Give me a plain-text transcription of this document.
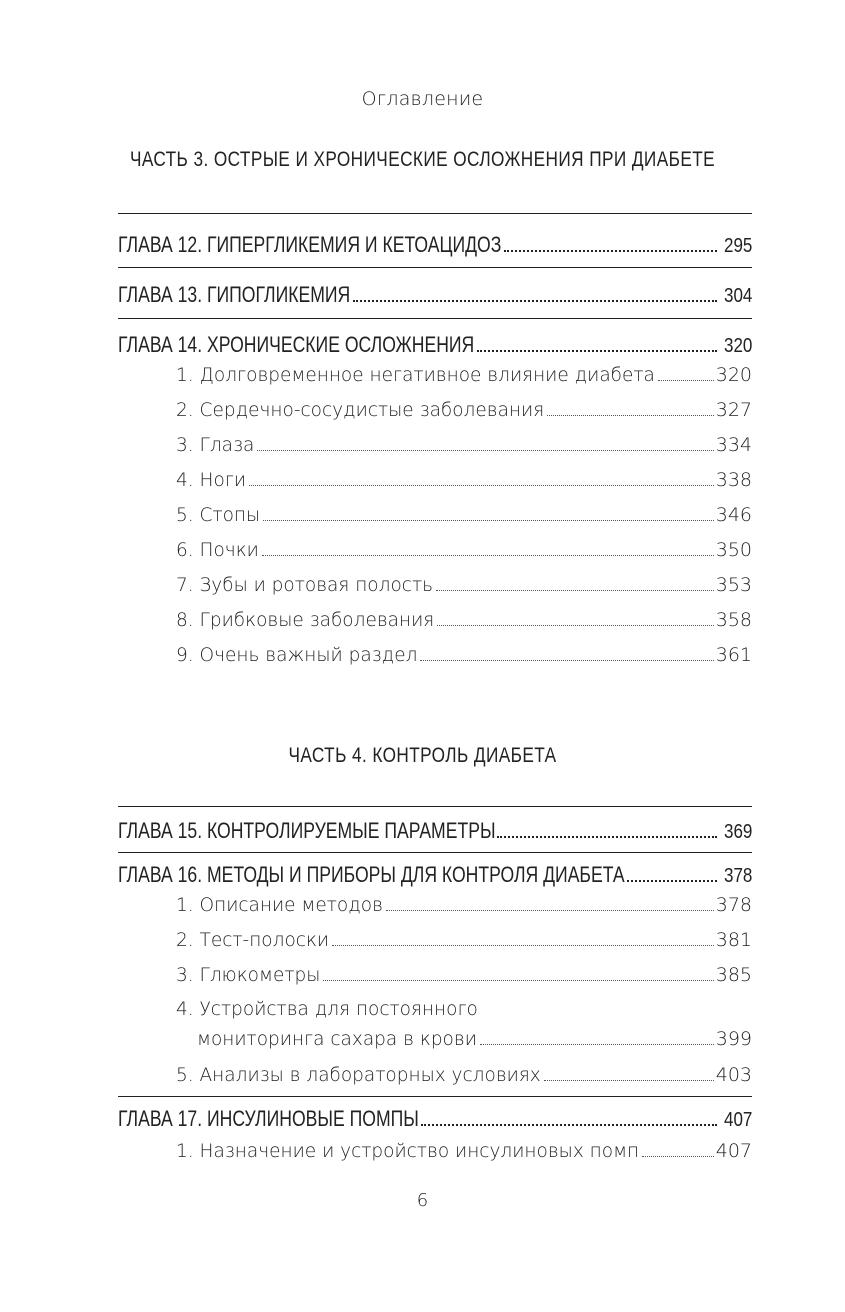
Оглавление
ЧАСТЬ 3. ОСТРЫЕ И ХРОНИЧЕСКИЕ ОСЛОЖНЕНИЯ ПРИ ДИАБЕТЕ
ГЛАВА 12. ГИПЕРГЛИКЕМИЯ И КЕТОАЦИДОЗ	295
ГЛАВА 13. ГИПОГЛИКЕМИЯ	304
ГЛАВА 14. ХРОНИЧЕСКИЕ ОСЛОЖНЕНИЯ	320
1. Долговременное негативное влияние диабета	320
2. Сердечно-сосудистые заболевания	327
3. Глаза	334
4. Ноги	338
5. Стопы	346
6. Почки	350
7. Зубы и ротовая полость	353
8. Грибковые заболевания	358
9. Очень важный раздел	361
ЧАСТЬ 4. КОНТРОЛЬ ДИАБЕТА
ГЛАВА 15. КОНТРОЛИРУЕМЫЕ ПАРАМЕТРЫ	369
ГЛАВА 16. МЕТОДЫ И ПРИБОРЫ ДЛЯ КОНТРОЛЯ ДИАБЕТА	378
1. Описание методов	378
2. Тест-полоски	381
3. Глюкометры	385
4. Устройства для постоянного
мониторинга сахара в крови	399
5. Анализы в лабораторных условиях	403
ГЛАВА 17. ИНСУЛИНОВЫЕ ПОМПЫ	407
1. Назначение и устройство инсулиновых помп	407
6
